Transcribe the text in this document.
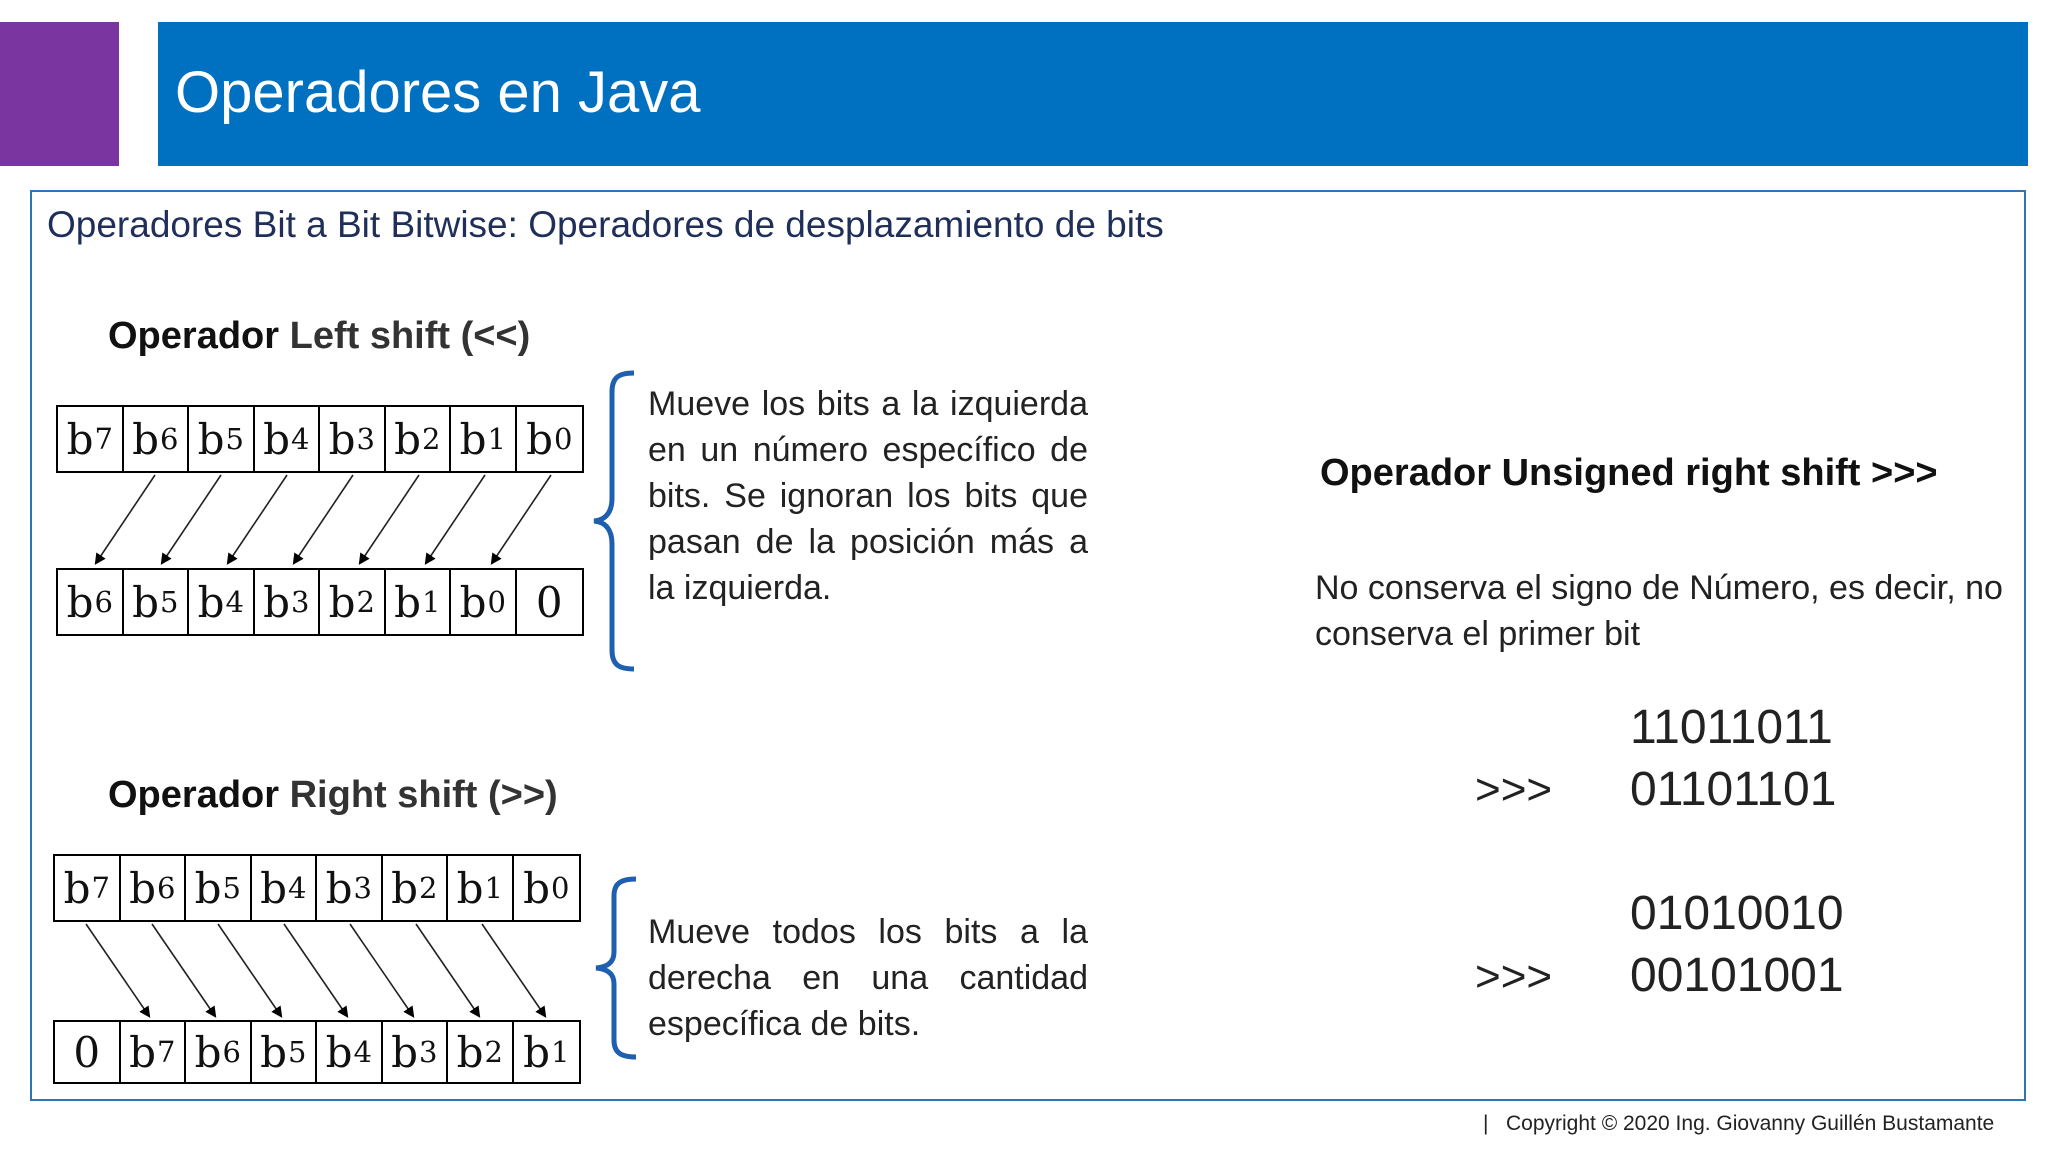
Operadores en Java
Operadores Bit a Bit Bitwise: Operadores de desplazamiento de bits
Operador Left shift (<<)
b 7 b 6 b 5 b 4 b 3 b 2 b 1 b 0
b 6 b 5 b 4 b 3 b 2 b 1 b 0 0
Mueve los bits a la izquierda en un número específico de bits. Se ignoran los bits que pasan de la posición más a la izquierda.
Operador Right shift (>>)
b 7 b 6 b 5 b 4 b 3 b 2 b 1 b 0
0 b 7 b 6 b 5 b 4 b 3 b 2 b 1
Mueve todos los bits a la derecha en una cantidad específica de bits.
Operador Unsigned right shift >>>
No conserva el signo de Número, es decir, no conserva el primer bit
11011011
>>> 01101101
01010010
>>> 00101001
| Copyright © 2020 Ing. Giovanny Guillén Bustamante
